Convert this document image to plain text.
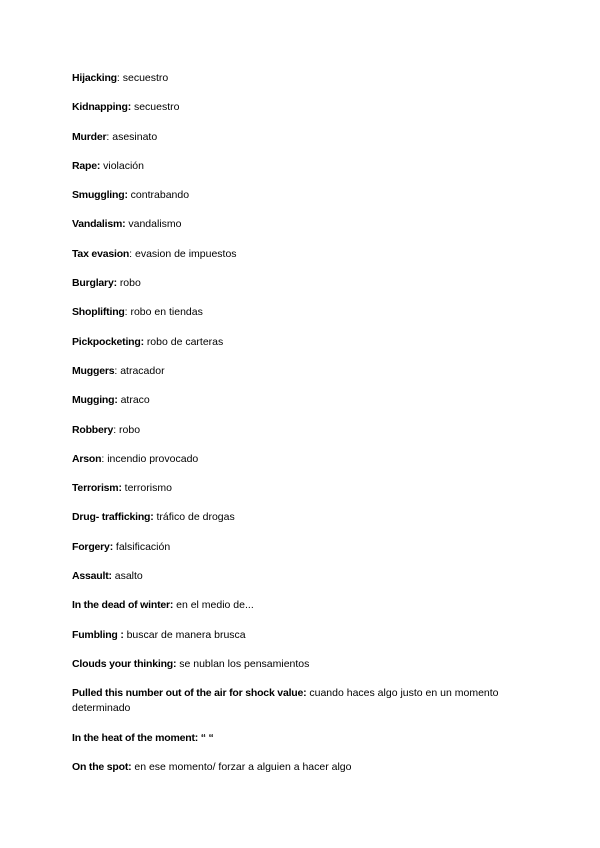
Hijacking: secuestro
Kidnapping: secuestro
Murder: asesinato
Rape: violación
Smuggling: contrabando
Vandalism: vandalismo
Tax evasion: evasion de impuestos
Burglary: robo
Shoplifting: robo en tiendas
Pickpocketing: robo de carteras
Muggers: atracador
Mugging: atraco
Robbery: robo
Arson: incendio provocado
Terrorism: terrorismo
Drug- trafficking: tráfico de drogas
Forgery: falsificación
Assault: asalto
In the dead of winter: en el medio de...
Fumbling : buscar de manera brusca
Clouds your thinking: se nublan los pensamientos
Pulled this number out of the air for shock value: cuando haces algo justo en un momento determinado
In the heat of the moment: “ “
On the spot: en ese momento/ forzar a alguien a hacer algo
